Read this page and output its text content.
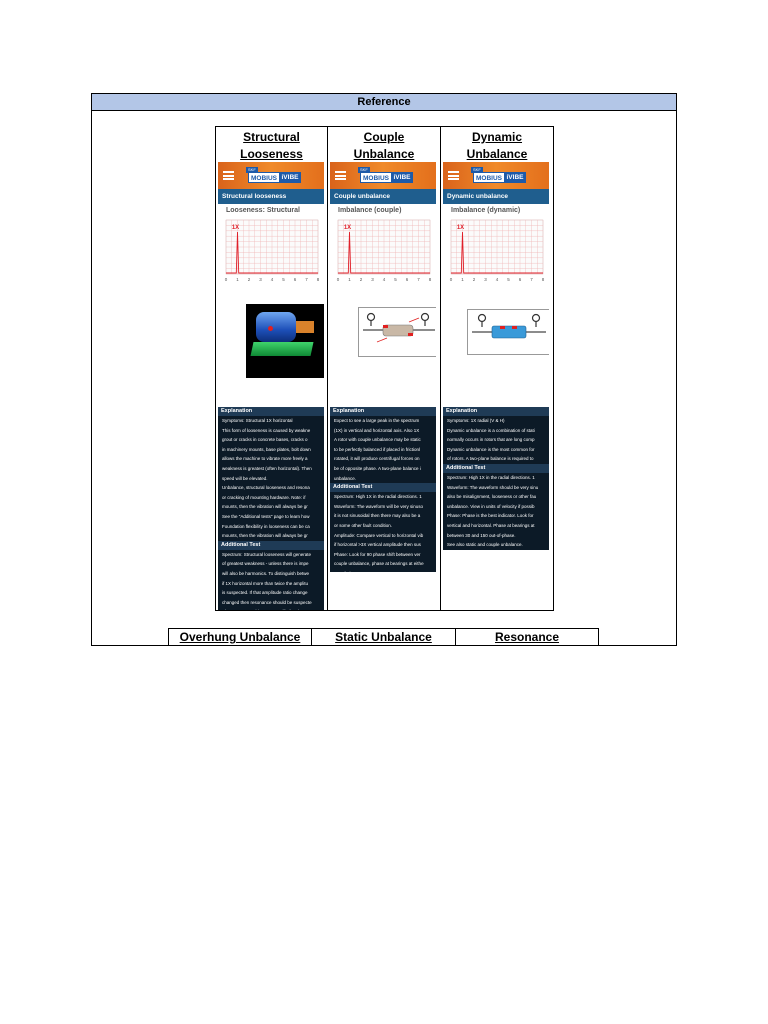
Reference
Structural
Looseness
SKF
MOBIUS iVIBE
Structural looseness
Looseness: Structural
0 1 2 3 4 5 6 7 8
1X
Explanation

Symptoms: Structural 1X horizontal

This form of looseness is caused by weakne

grout or cracks in concrete bases, cracks o

in machinery mounts, base plates, bolt down

allows the machine to vibrate more freely a

weakness is greatest (often horizontal). Then

speed will be elevated.

Unbalance, structural looseness and resona

or cracking of mounting hardware. Note: if

mounts, then the vibration will always be gr

See the "Additional tests" page to learn how

Foundation flexibility in looseness can be ca

mounts, then the vibration will always be gr

Additional Test

Spectrum: Structural looseness will generate

of greatest weakness - unless there is impe

will also be harmonics. To distinguish betwe

if 1X horizontal more than twice the amplitu

is suspected. If that amplitude ratio change

changed then resonance should be suspecte

Couple
Unbalance
SKF
MOBIUS iVIBE
Couple unbalance
Imbalance (couple)
0 1 2 3 4 5 6 7 8
1X
Explanation

Expect to see a large peak in the spectrum

(1X) in vertical and horizontal axis. Also 1X

A rotor with couple unbalance may be static

to be perfectly balanced if placed in frictionl

rotated, it will produce centrifugal forces on

be of opposite phase. A two-plane balance i

unbalance.

Additional Test

Spectrum: High 1X in the radial directions. 1

Waveform: The waveform will be very sinuso

it is not sinusoidal then there may also be a

or some other fault condition.

Amplitude: Compare vertical to horizontal vib

if horizontal >3X vertical amplitude then sus

Phase: Look for 90 phase shift between ver

couple unbalance, phase at bearings at eithe

Dynamic
Unbalance
SKF
MOBIUS iVIBE
Dynamic unbalance
Imbalance (dynamic)
0 1 2 3 4 5 6 7 8
1X
Explanation

Symptoms: 1X radial (V & H)

Dynamic unbalance is a combination of stati

normally occurs in rotors that are long comp

Dynamic unbalance is the most common for

of rotors. A two-plane balance is required to

Additional Test

Spectrum: High 1X in the radial directions. 1

Waveform: The waveform should be very sinu

also be misalignment, looseness or other fau

unbalance. View in units of velocity if possib

Phase: Phase is the best indicator. Look for

vertical and horizontal. Phase at bearings at

between 30 and 150 out-of-phase.

See also static and couple unbalance.

Overhung Unbalance	Static Unbalance	Resonance
